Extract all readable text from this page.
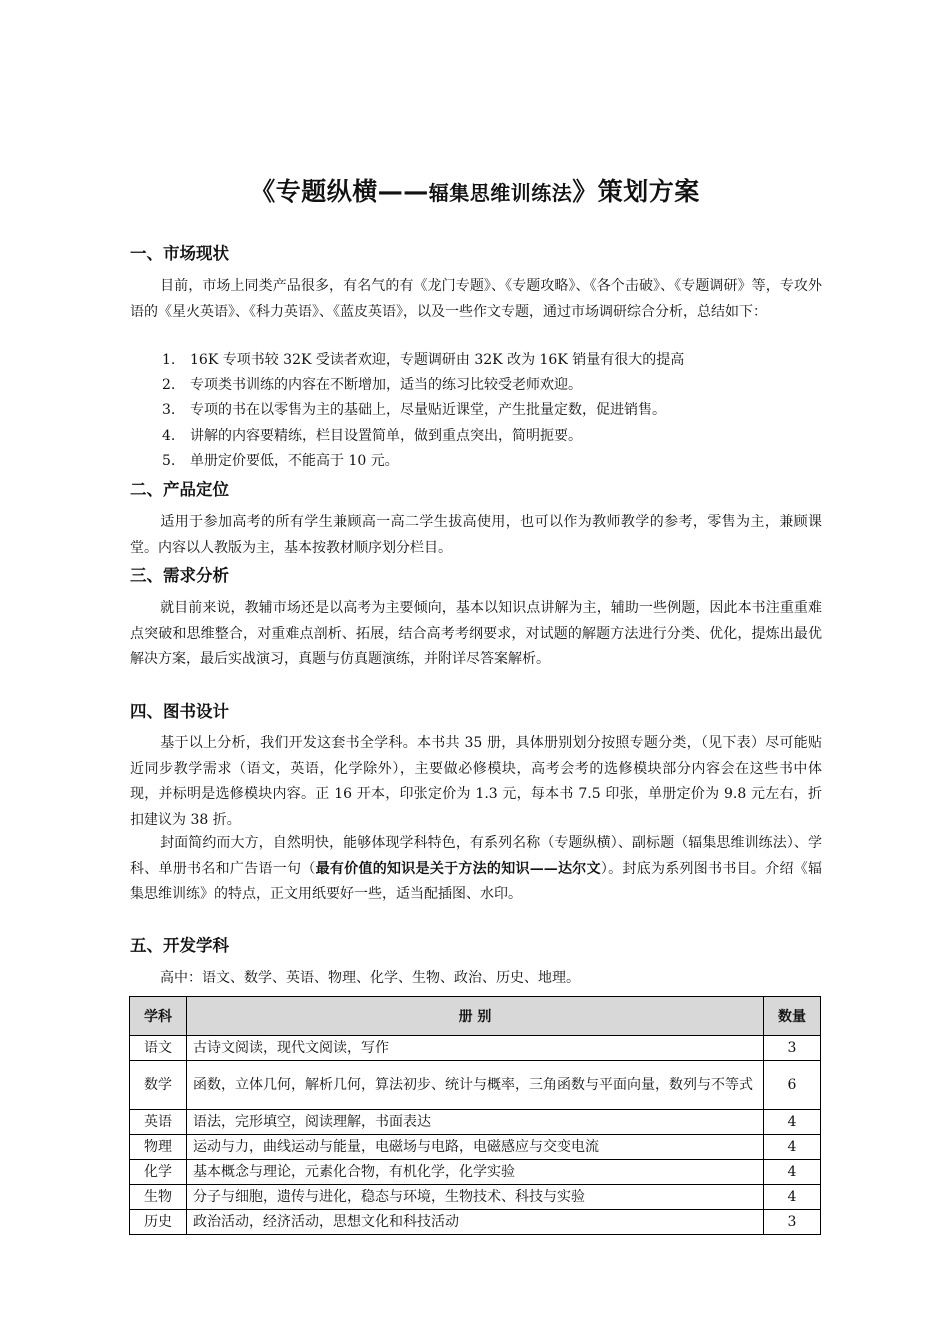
《专题纵横——辐集思维训练法》策划方案
一、市场现状
目前，市场上同类产品很多，有名气的有《龙门专题》、《专题攻略》、《各个击破》、《专题调研》等，专攻外语的《星火英语》、《科力英语》、《蓝皮英语》，以及一些作文专题，通过市场调研综合分析，总结如下：
1. 16K 专项书较 32K 受读者欢迎，专题调研由 32K 改为 16K 销量有很大的提高
2. 专项类书训练的内容在不断增加，适当的练习比较受老师欢迎。
3. 专项的书在以零售为主的基础上，尽量贴近课堂，产生批量定数，促进销售。
4. 讲解的内容要精练，栏目设置简单，做到重点突出，简明扼要。
5. 单册定价要低，不能高于 10 元。
二、产品定位
适用于参加高考的所有学生兼顾高一高二学生拔高使用，也可以作为教师教学的参考，零售为主，兼顾课堂。内容以人教版为主，基本按教材顺序划分栏目。
三、需求分析
就目前来说，教辅市场还是以高考为主要倾向，基本以知识点讲解为主，辅助一些例题，因此本书注重重难点突破和思维整合，对重难点剖析、拓展，结合高考考纲要求，对试题的解题方法进行分类、优化，提炼出最优解决方案，最后实战演习，真题与仿真题演练，并附详尽答案解析。
四、图书设计
基于以上分析，我们开发这套书全学科。本书共 35 册，具体册别划分按照专题分类，（见下表）尽可能贴近同步教学需求（语文，英语，化学除外），主要做必修模块，高考会考的选修模块部分内容会在这些书中体现，并标明是选修模块内容。正 16 开本，印张定价为 1.3 元，每本书 7.5 印张，单册定价为 9.8 元左右，折扣建议为 38 折。
封面简约而大方，自然明快，能够体现学科特色，有系列名称（专题纵横）、副标题（辐集思维训练法）、学科、单册书名和广告语一句（最有价值的知识是关于方法的知识——达尔文）。封底为系列图书书目。介绍《辐集思维训练》的特点，正文用纸要好一些，适当配插图、水印。
五、开发学科
高中：语文、数学、英语、物理、化学、生物、政治、历史、地理。
学科	册 别	数量
语文	古诗文阅读，现代文阅读，写作	3
数学	函数，立体几何，解析几何，算法初步、统计与概率，三角函数与平面向量，数列与不等式	6
英语	语法，完形填空，阅读理解，书面表达	4
物理	运动与力，曲线运动与能量，电磁场与电路，电磁感应与交变电流	4
化学	基本概念与理论，元素化合物，有机化学，化学实验	4
生物	分子与细胞，遗传与进化，稳态与环境，生物技术、科技与实验	4
历史	政治活动，经济活动，思想文化和科技活动	3
